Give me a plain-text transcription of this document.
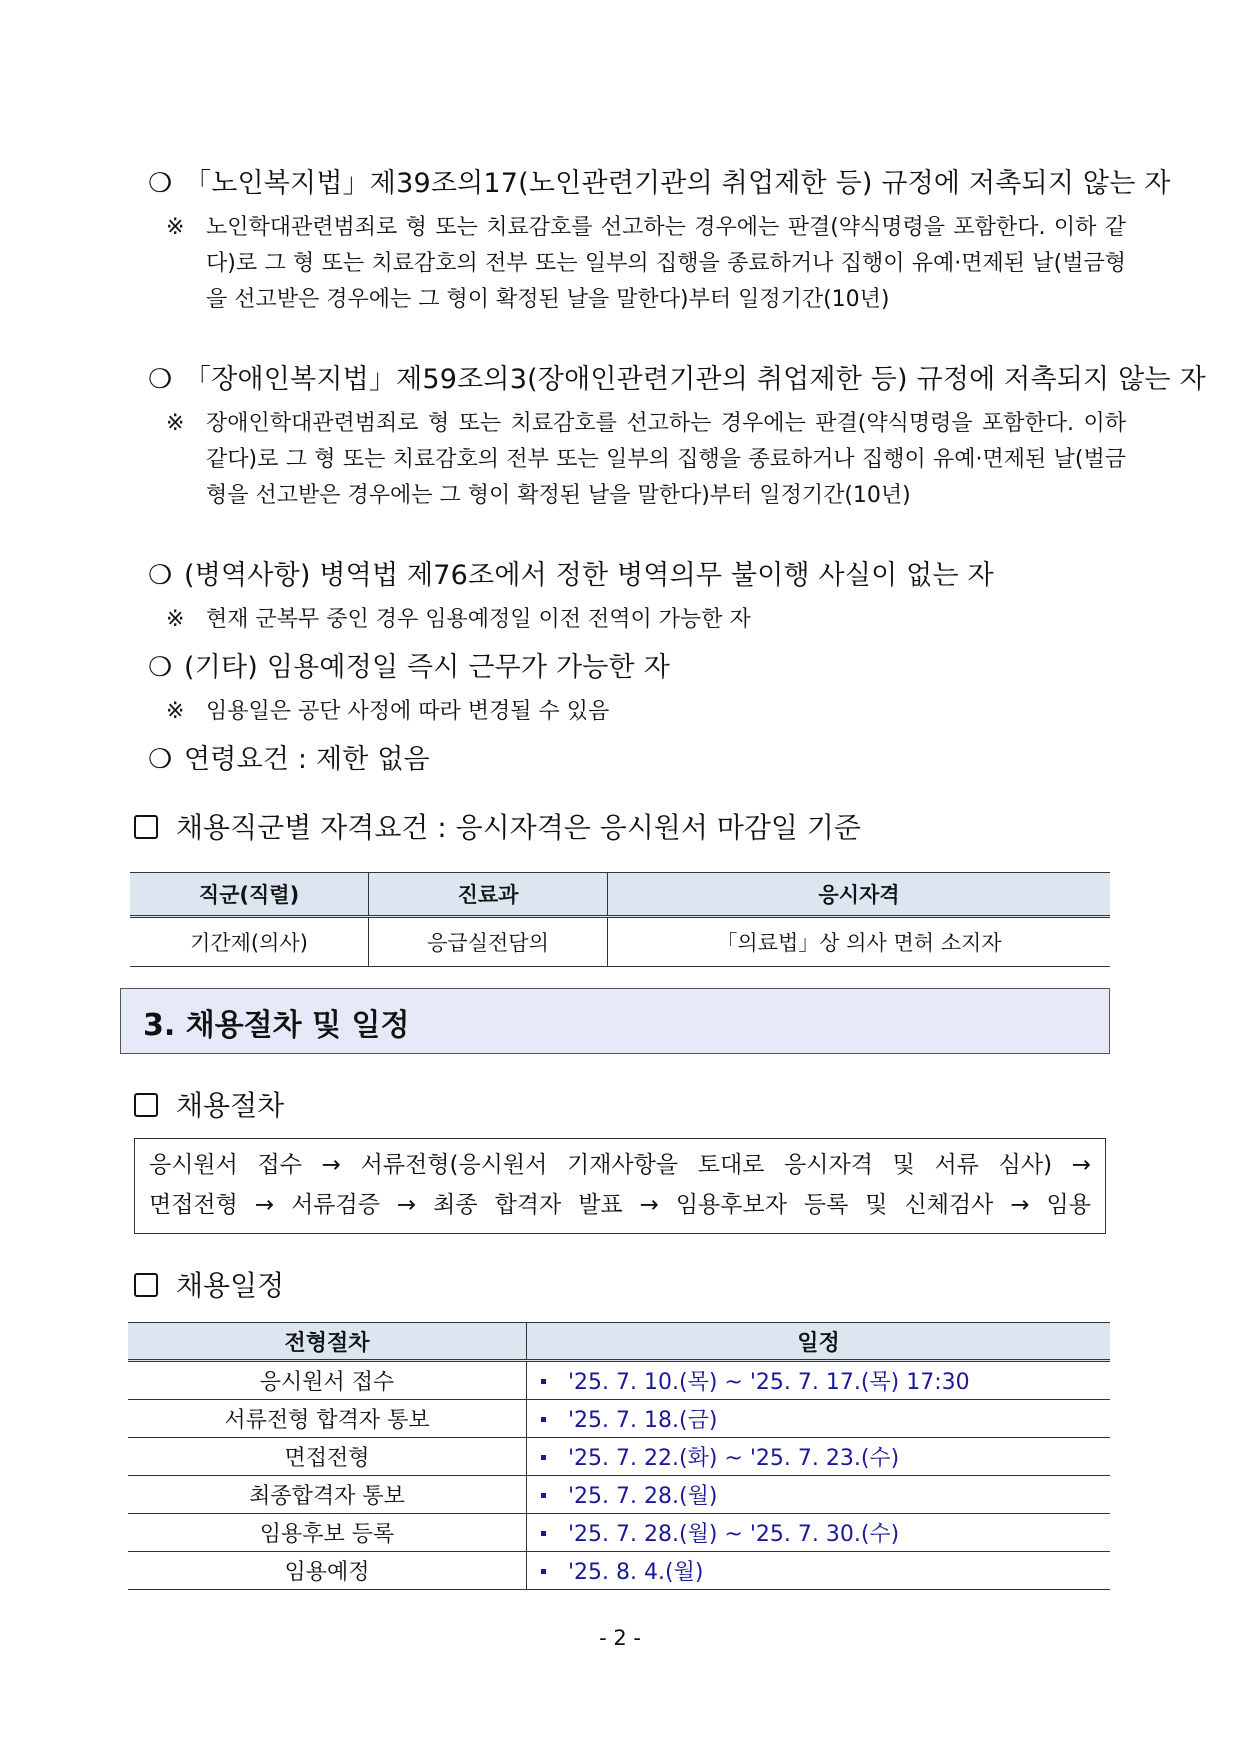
❍ 「노인복지법」제39조의17(노인관련기관의 취업제한 등) 규정에 저촉되지 않는 자
※ 노인학대관련범죄로 형 또는 치료감호를 선고하는 경우에는 판결(약식명령을 포함한다. 이하 같다)로 그 형 또는 치료감호의 전부 또는 일부의 집행을 종료하거나 집행이 유예·면제된 날(벌금형을 선고받은 경우에는 그 형이 확정된 날을 말한다)부터 일정기간(10년)
❍ 「장애인복지법」제59조의3(장애인관련기관의 취업제한 등) 규정에 저촉되지 않는 자
※ 장애인학대관련범죄로 형 또는 치료감호를 선고하는 경우에는 판결(약식명령을 포함한다. 이하 같다)로 그 형 또는 치료감호의 전부 또는 일부의 집행을 종료하거나 집행이 유예·면제된 날(벌금형을 선고받은 경우에는 그 형이 확정된 날을 말한다)부터 일정기간(10년)
❍ (병역사항) 병역법 제76조에서 정한 병역의무 불이행 사실이 없는 자
※ 현재 군복무 중인 경우 임용예정일 이전 전역이 가능한 자
❍ (기타) 임용예정일 즉시 근무가 가능한 자
※ 임용일은 공단 사정에 따라 변경될 수 있음
❍ 연령요건 : 제한 없음
채용직군별 자격요건 : 응시자격은 응시원서 마감일 기준
직군(직렬)	진료과	응시자격
기간제(의사)	응급실전담의	「의료법」상 의사 면허 소지자
3. 채용절차 및 일정
채용절차
응시원서 접수 → 서류전형(응시원서 기재사항을 토대로 응시자격 및 서류 심사) →
면접전형 → 서류검증 → 최종 합격자 발표 → 임용후보자 등록 및 신체검사 → 임용
채용일정
전형절차	일정
응시원서 접수	'25. 7. 10.(목) ~ '25. 7. 17.(목) 17:30
서류전형 합격자 통보	'25. 7. 18.(금)
면접전형	'25. 7. 22.(화) ~ '25. 7. 23.(수)
최종합격자 통보	'25. 7. 28.(월)
임용후보 등록	'25. 7. 28.(월) ~ '25. 7. 30.(수)
임용예정	'25. 8. 4.(월)
- 2 -
